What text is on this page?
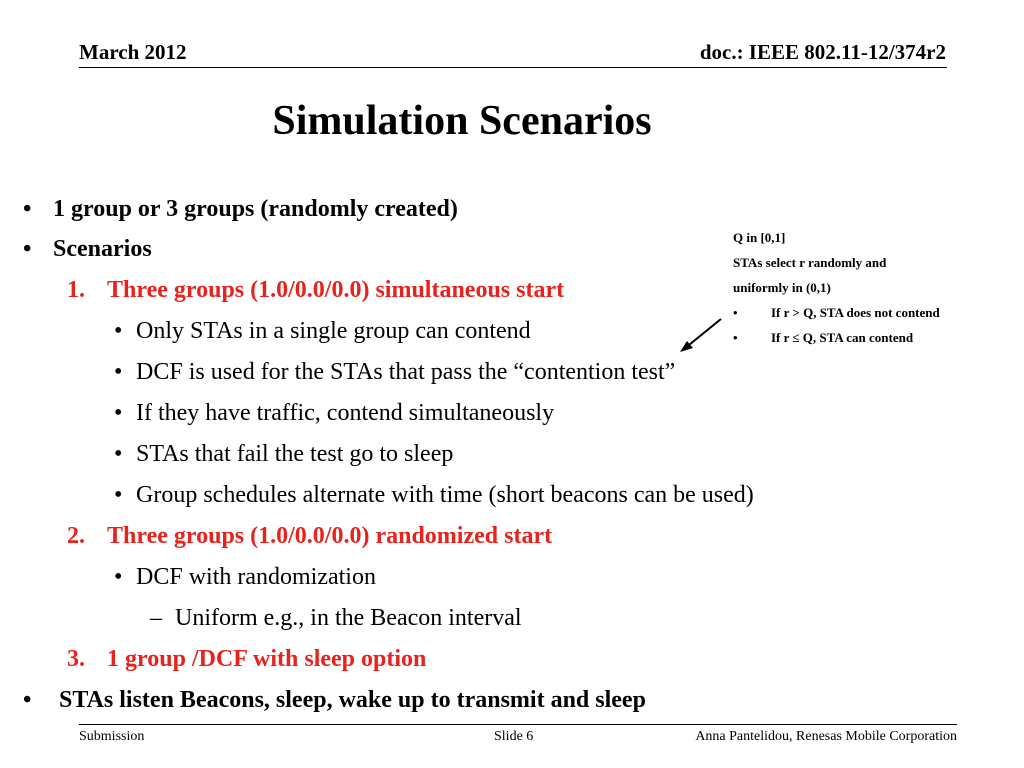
March 2012	doc.: IEEE 802.11-12/374r2
Simulation Scenarios
• 1 group or 3 groups (randomly created)
• Scenarios
1. Three groups (1.0/0.0/0.0) simultaneous start
• Only STAs in a single group can contend
• DCF is used for the STAs that pass the “contention test”
• If they have traffic, contend simultaneously
• STAs that fail the test go to sleep
• Group schedules alternate with time (short beacons can be used)
2. Three groups (1.0/0.0/0.0) randomized start
• DCF with randomization
– Uniform e.g., in the Beacon interval
3. 1 group /DCF with sleep option
• STAs listen Beacons, sleep, wake up to transmit and sleep
Q in [0,1]
STAs select r randomly and
uniformly in (0,1)
•	If r > Q, STA does not contend
•	If r ≤ Q, STA can contend
Submission	Slide 6	Anna Pantelidou, Renesas Mobile Corporation
